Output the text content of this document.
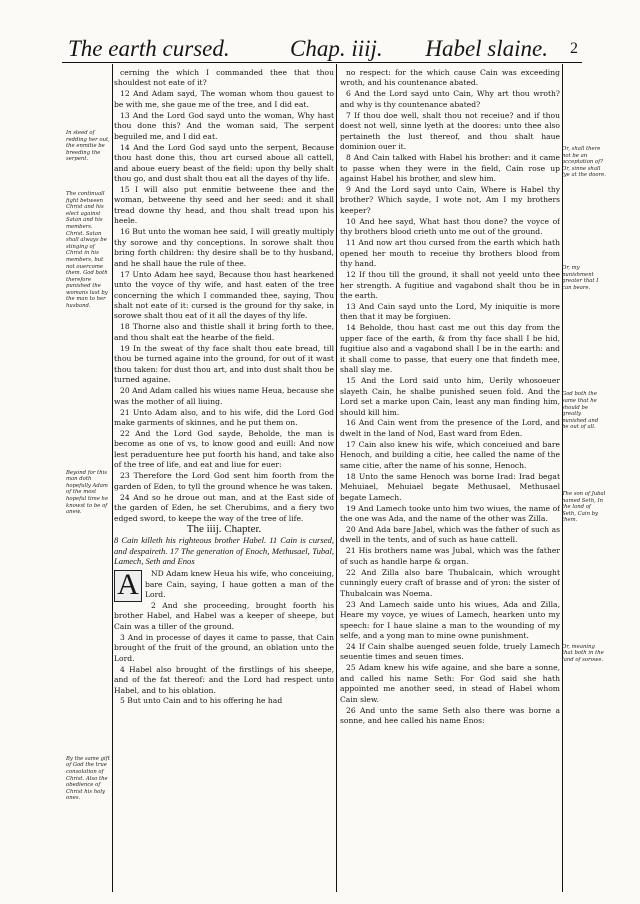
The earth cursed.	Chap. iiij. Habel slaine. 2

cerning the which I commanded thee that thou shouldest not eate of it?

12 And Adam sayd, The woman whom thou gauest to be with me, she gaue me of the tree, and I did eat.

13 And the Lord God sayd unto the woman, Why hast thou done this? And the woman said, The serpent beguiled me, and I did eat.

14 And the Lord God sayd unto the serpent, Because thou hast done this, thou art cursed aboue all cattell, and aboue euery beast of the field: upon thy belly shalt thou go, and dust shalt thou eat all the dayes of thy life.

15 I will also put enmitie betweene thee and the woman, betweene thy seed and her seed: and it shall tread downe thy head, and thou shalt tread upon his heele.

16 But unto the woman hee said, I will greatly multiply thy sorowe and thy conceptions. In sorowe shalt thou bring forth children: thy desire shall be to thy husband, and he shall haue the rule of thee.

17 Unto Adam hee sayd, Because thou hast hearkened unto the voyce of thy wife, and hast eaten of the tree concerning the which I commanded thee, saying, Thou shalt not eate of it: cursed is the ground for thy sake, in sorowe shalt thou eat of it all the dayes of thy life.

18 Thorne also and thistle shall it bring forth to thee, and thou shalt eat the hearbe of the field.

19 In the sweat of thy face shalt thou eate bread, till thou be turned againe into the ground, for out of it wast thou taken: for dust thou art, and into dust shalt thou be turned againe.

20 And Adam called his wiues name Heua, because she was the mother of all liuing.

21 Unto Adam also, and to his wife, did the Lord God make garments of skinnes, and he put them on.

22 And the Lord God sayde, Beholde, the man is become as one of vs, to know good and euill: And now lest peraduenture hee put foorth his hand, and take also of the tree of life, and eat and liue for euer:

23 Therefore the Lord God sent him foorth from the garden of Eden, to tyll the ground whence he was taken.

24 And so he droue out man, and at the East side of the garden of Eden, he set Cherubims, and a fiery two edged sword, to keepe the way of the tree of life.

The iiij. Chapter.

8 Cain killeth his righteous brother Habel. 11 Cain is cursed, and despaireth. 17 The generation of Enoch, Methusael, Tubal, Lamech, Seth and Enos

A	ND Adam knew Heua his wife, who conceiuing, bare Cain, saying, I haue gotten a man of the Lord.

2 And she proceeding, brought foorth his brother Habel, and Habel was a keeper of sheepe, but Cain was a tiller of the ground.

3 And in processe of dayes it came to passe, that Cain brought of the fruit of the ground, an oblation unto the Lord.

4 Habel also brought of the firstlings of his sheepe, and of the fat thereof: and the Lord had respect unto Habel, and to his oblation.

5 But unto Cain and to his offering he had

no respect: for the which cause Cain was exceeding wroth, and his countenance abated.

6 And the Lord sayd unto Cain, Why art thou wroth? and why is thy countenance abated?

7 If thou doe well, shalt thou not receiue? and if thou doest not well, sinne lyeth at the doores: unto thee also pertaineth the lust thereof, and thou shalt haue dominion ouer it.

8 And Cain talked with Habel his brother: and it came to passe when they were in the field, Cain rose up against Habel his brother, and slew him.

9 And the Lord sayd unto Cain, Where is Habel thy brother? Which sayde, I wote not, Am I my brothers keeper?

10 And hee sayd, What hast thou done? the voyce of thy brothers blood crieth unto me out of the ground.

11 And now art thou cursed from the earth which hath opened her mouth to receiue thy brothers blood from thy hand.

12 If thou till the ground, it shall not yeeld unto thee her strength. A fugitiue and vagabond shalt thou be in the earth.

13 And Cain sayd unto the Lord, My iniquitie is more then that it may be forgiuen.

14 Beholde, thou hast cast me out this day from the upper face of the earth, & from thy face shall I be hid, fugitiue also and a vagabond shall I be in the earth: and it shall come to passe, that euery one that findeth mee, shall slay me.

15 And the Lord said unto him, Uerily whosoeuer slayeth Cain, he shalbe punished seuen fold. And the Lord set a marke upon Cain, least any man finding him, should kill him.

16 And Cain went from the presence of the Lord, and dwelt in the land of Nod, East ward from Eden.

17 Cain also knew his wife, which conceiued and bare Henoch, and building a citie, hee called the name of the same citie, after the name of his sonne, Henoch.

18 Unto the same Henoch was borne Irad: Irad begat Mehuiael, Mehuiael begate Methusael, Methusael begate Lamech.

19 And Lamech tooke unto him two wiues, the name of the one was Ada, and the name of the other was Zilla.

20 And Ada bare Jabel, which was the father of such as dwell in the tents, and of such as haue cattell.

21 His brothers name was Jubal, which was the father of such as handle harpe & organ.

22 And Zilla also bare Thubalcain, which wrought cunningly euery craft of brasse and of yron: the sister of Thubalcain was Noema.

23 And Lamech saide unto his wiues, Ada and Zilla, Heare my voyce, ye wiues of Lamech, hearken unto my speech: for I haue slaine a man to the wounding of my selfe, and a yong man to mine owne punishment.

24 If Cain shalbe auenged seuen folde, truely Lamech seuentie times and seuen times.

25 Adam knew his wife againe, and she bare a sonne, and called his name Seth: For God said she hath appointed me another seed, in stead of Habel whom Cain slew.

26 And unto the same Seth also there was borne a sonne, and hee called his name Enos:

In steed of redding her out, the enmitie be breeding the serpent.
The continuall fight between Christ and his elect against Satan and his members. Christ. Satan shall always be stinging of Christ in his members, but not ouercome them. God both therefore punished the womans lust by the man to her husband.
Beyond for this man doth hopefully Adam of the most hopeful time he knowst to be of anew.
By the same gift of God the true consolation of Christ. Also the obedience of Christ his holy ones.
Or, shall there not be an acceptation of? Or, sinne shall lye at the doore.
Or, my punishment greater that I can beare.
God both the same that he should be greatly punished and be out of all.
The son of Jubal named Seth, In the land of Seth, Cain by them.
Or, meaning that both in the land of sorowe.
